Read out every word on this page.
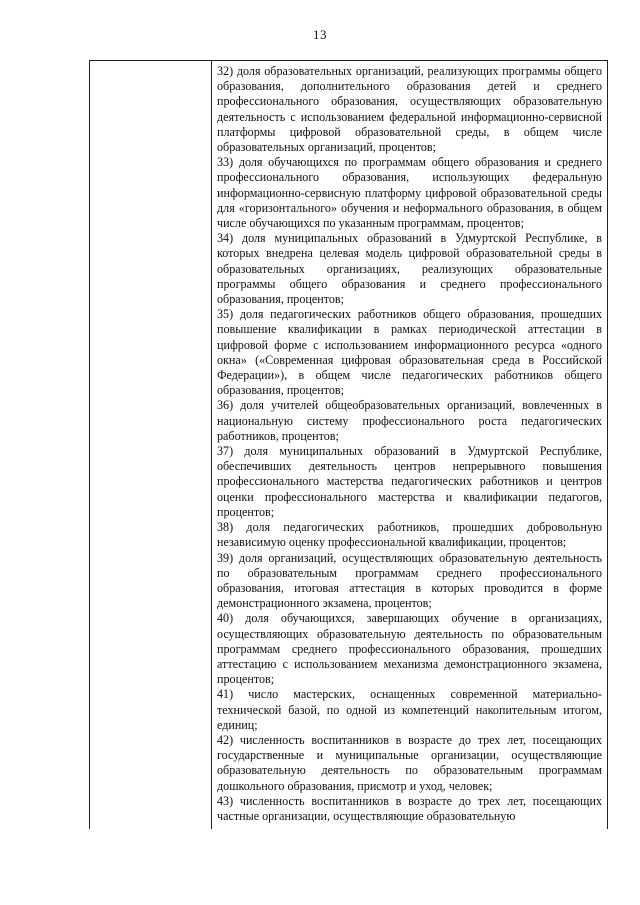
13

32) доля образовательных организаций, реализующих программы общего образования, дополнительного образования детей и среднего профессионального образования, осуществляющих образовательную деятельность с использованием федеральной информационно-сервисной платформы цифровой образовательной среды, в общем числе образовательных организаций, процентов;

33) доля обучающихся по программам общего образования и среднего профессионального образования, использующих федеральную информационно-сервисную платформу цифровой образовательной среды для «горизонтального» обучения и неформального образования, в общем числе обучающихся по указанным программам, процентов;

34) доля муниципальных образований в Удмуртской Республике, в которых внедрена целевая модель цифровой образовательной среды в образовательных организациях, реализующих образовательные программы общего образования и среднего профессионального образования, процентов;

35) доля педагогических работников общего образования, прошедших повышение квалификации в рамках периодической аттестации в цифровой форме с использованием информационного ресурса «одного окна» («Современная цифровая образовательная среда в Российской Федерации»), в общем числе педагогических работников общего образования, процентов;

36) доля учителей общеобразовательных организаций, вовлеченных в национальную систему профессионального роста педагогических работников, процентов;

37) доля муниципальных образований в Удмуртской Республике, обеспечивших деятельность центров непрерывного повышения профессионального мастерства педагогических работников и центров оценки профессионального мастерства и квалификации педагогов, процентов;

38) доля педагогических работников, прошедших добровольную независимую оценку профессиональной квалификации, процентов;

39) доля организаций, осуществляющих образовательную деятельность по образовательным программам среднего профессионального образования, итоговая аттестация в которых проводится в форме демонстрационного экзамена, процентов;

40) доля обучающихся, завершающих обучение в организациях, осуществляющих образовательную деятельность по образовательным программам среднего профессионального образования, прошедших аттестацию с использованием механизма демонстрационного экзамена, процентов;

41) число мастерских, оснащенных современной материально-технической базой, по одной из компетенций накопительным итогом, единиц;

42) численность воспитанников в возрасте до трех лет, посещающих государственные и муниципальные организации, осуществляющие образовательную деятельность по образовательным программам дошкольного образования, присмотр и уход, человек;

43) численность воспитанников в возрасте до трех лет, посещающих частные организации, осуществляющие образовательную
